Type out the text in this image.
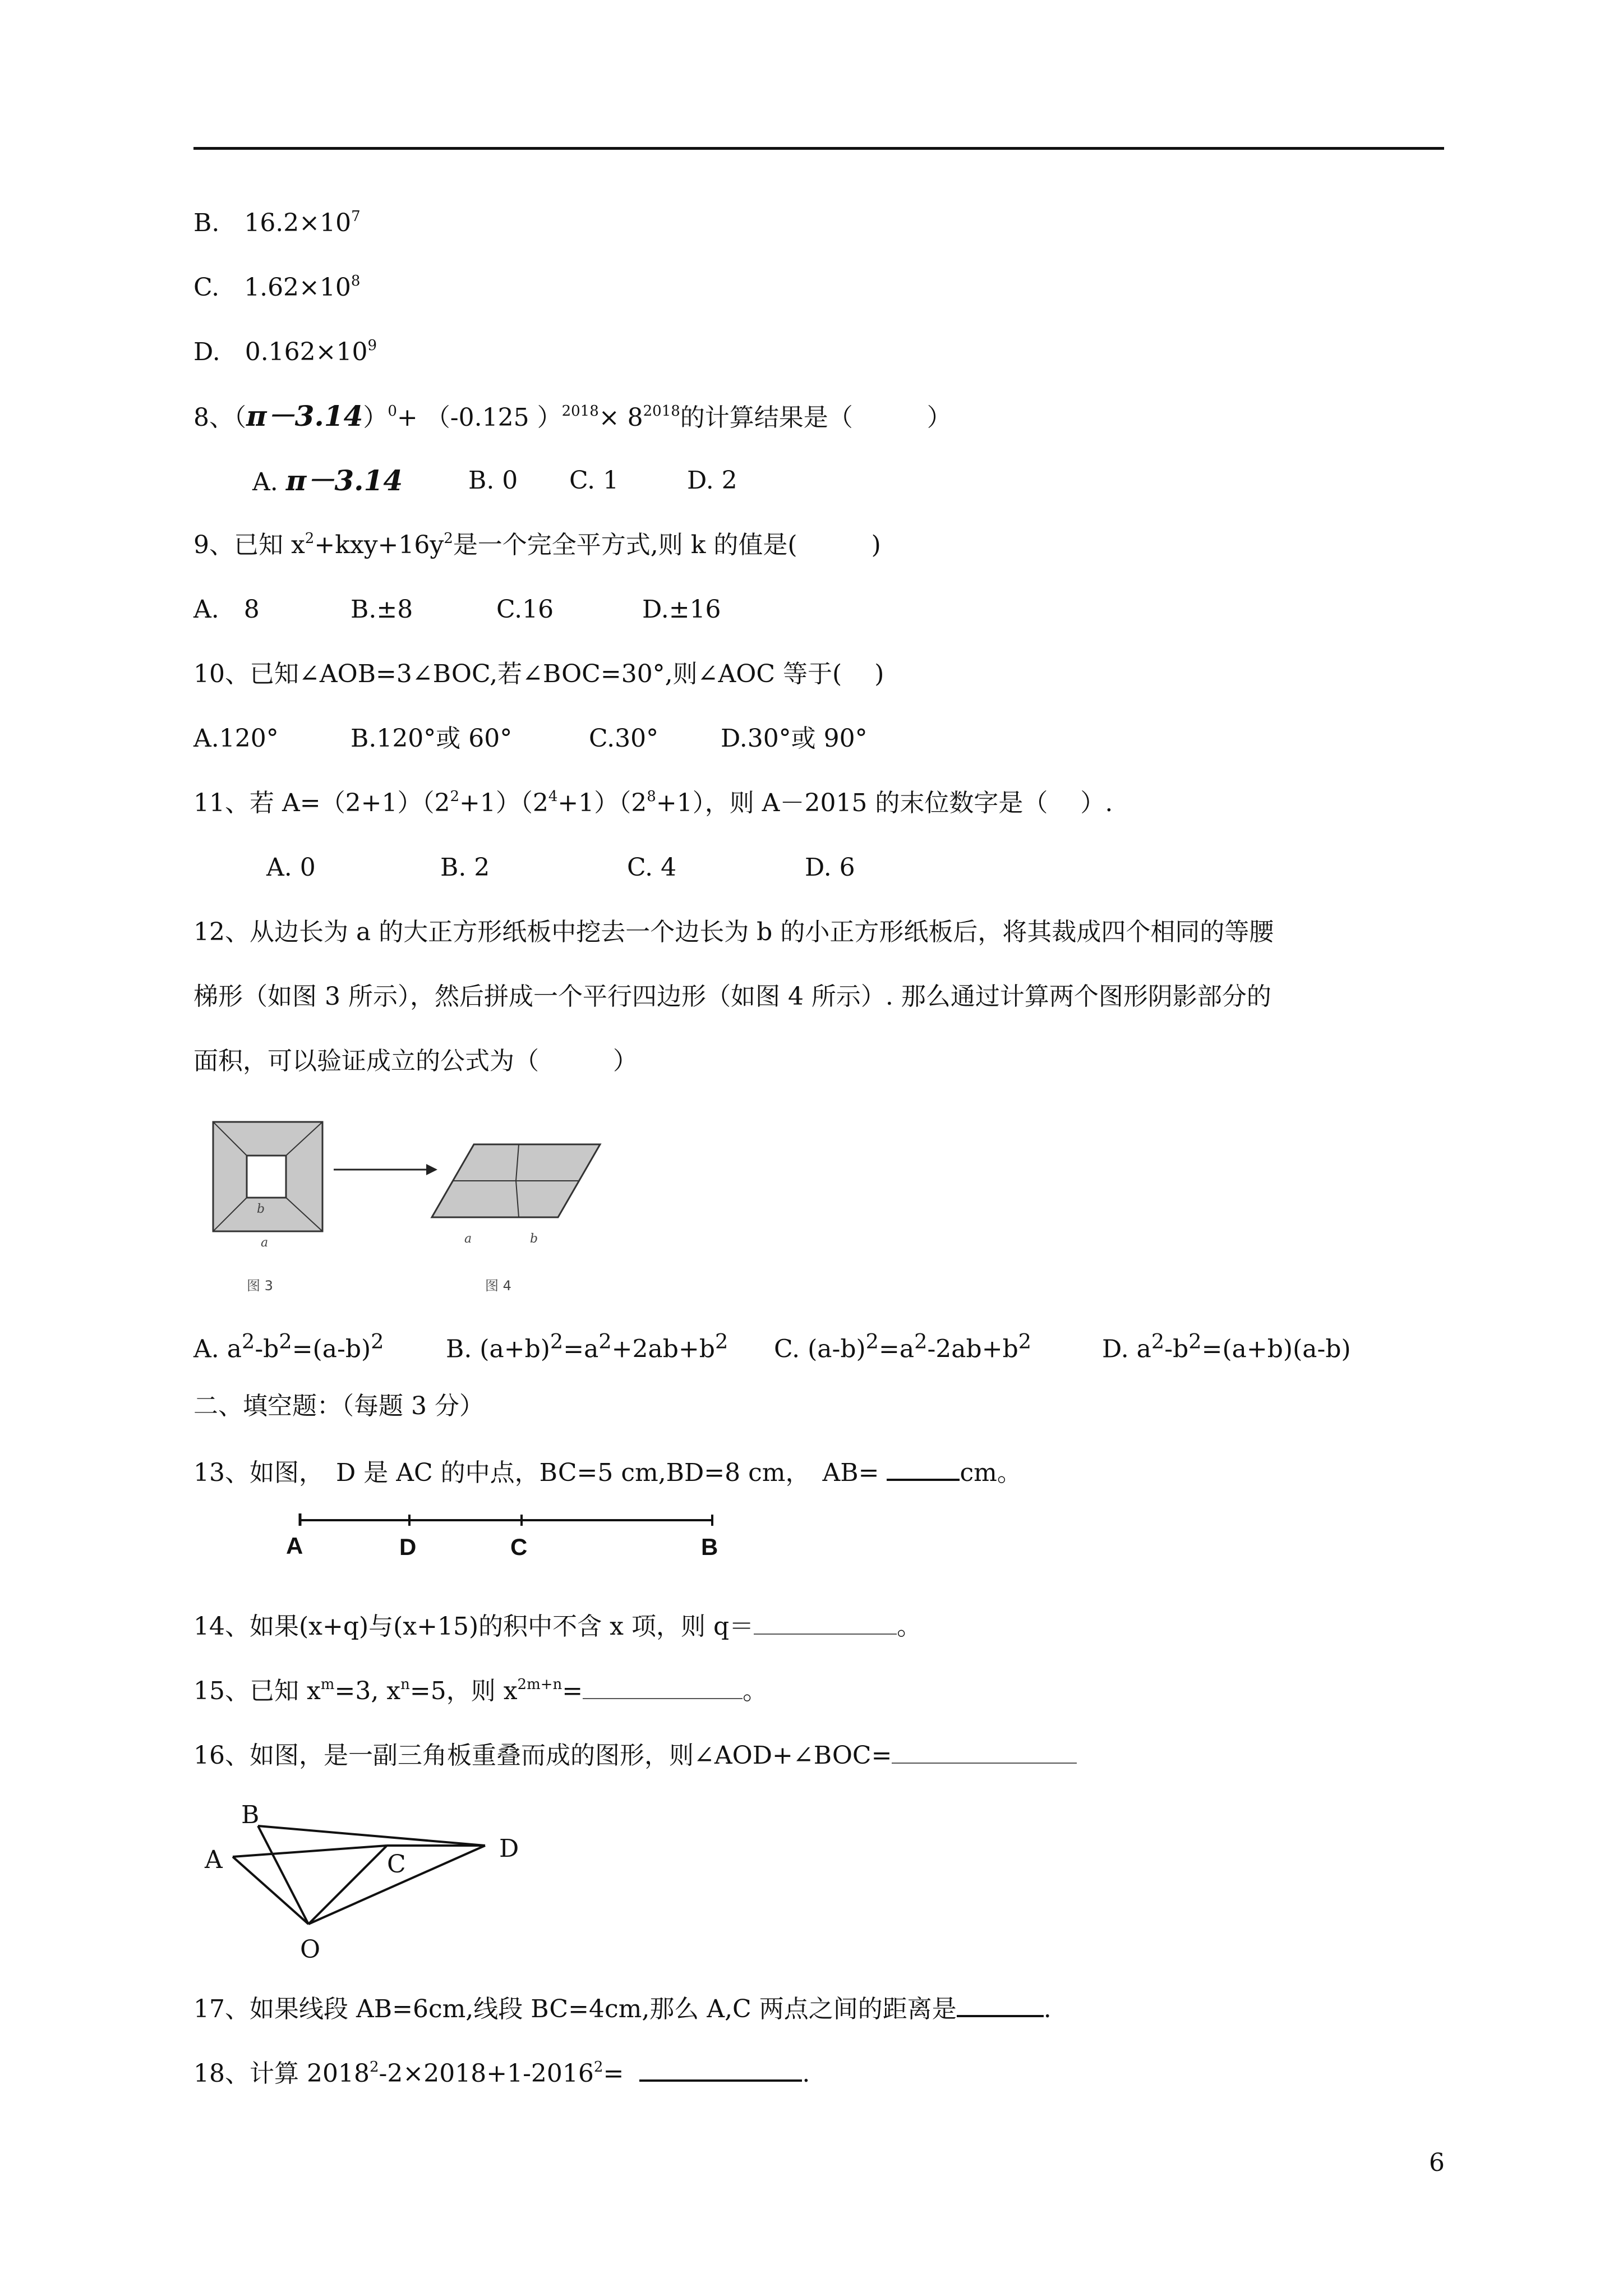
B.　$16.2\times 10^7$
C.　$1.62\times 10^8$
D.　$0.162\times 10^9$
8、$(\pi-3.14)^0+ (-0.125$ ）$^{2018}\times 8^{2018}$的计算结果是（　　　）
A. π－3.14	B. 0 C. 1	D. 2
9、已知 $x^2+kxy+16y^2$是一个完全平方式,则 k 的值是(　　　)
A.　8	B.±8	C.16	D.±16
10、已知∠AOB=3∠BOC,若∠BOC=30°,则∠AOC 等于(　 )
A.120°	B.120°或 60°	C.30°	D.30°或 90°
11、若 $A=(2+1)(2^2+1)(2^4+1)(2^8+1)$，则 A－2015 的末位数字是（　 ）.
A. 0	B. 2	C. 4	D. 6
12、从边长为 a 的大正方形纸板中挖去一个边长为 b 的小正方形纸板后，将其裁成四个相同的等腰
梯形（如图 3 所示），然后拼成一个平行四边形（如图 4 所示）. 那么通过计算两个图形阴影部分的
面积，可以验证成立的公式为（　　　）
b
a
图 3
a	b
图 4
A. $a^2-b^2=(a-b)^2$	B. $(a+b)^2=a^2+2ab+b^2$ C. $(a-b)^2=a^2-2ab+b^2$	D. $a^2-b^2=(a+b)(a-b)$
二、填空题：（每题 3 分）
13、如图，　D 是 AC 的中点，BC=5 cm,BD=8 cm，　AB=	cm。
A	D	C	B
14、如果(x+q)与(x+15)的积中不含 x 项，则 q＝	。
15、已知 $x^m=3$, $x^n=5$，则 $x^{2m+n}=$	。
16、如图，是一副三角板重叠而成的图形，则∠AOD+∠BOC=
A
B
C
D
O
17、如果线段 AB=6cm,线段 BC=4cm,那么 A,C 两点之间的距离是	.
18、计算 $2018^2-2\times 2018+1-2016^2=$	.
6
